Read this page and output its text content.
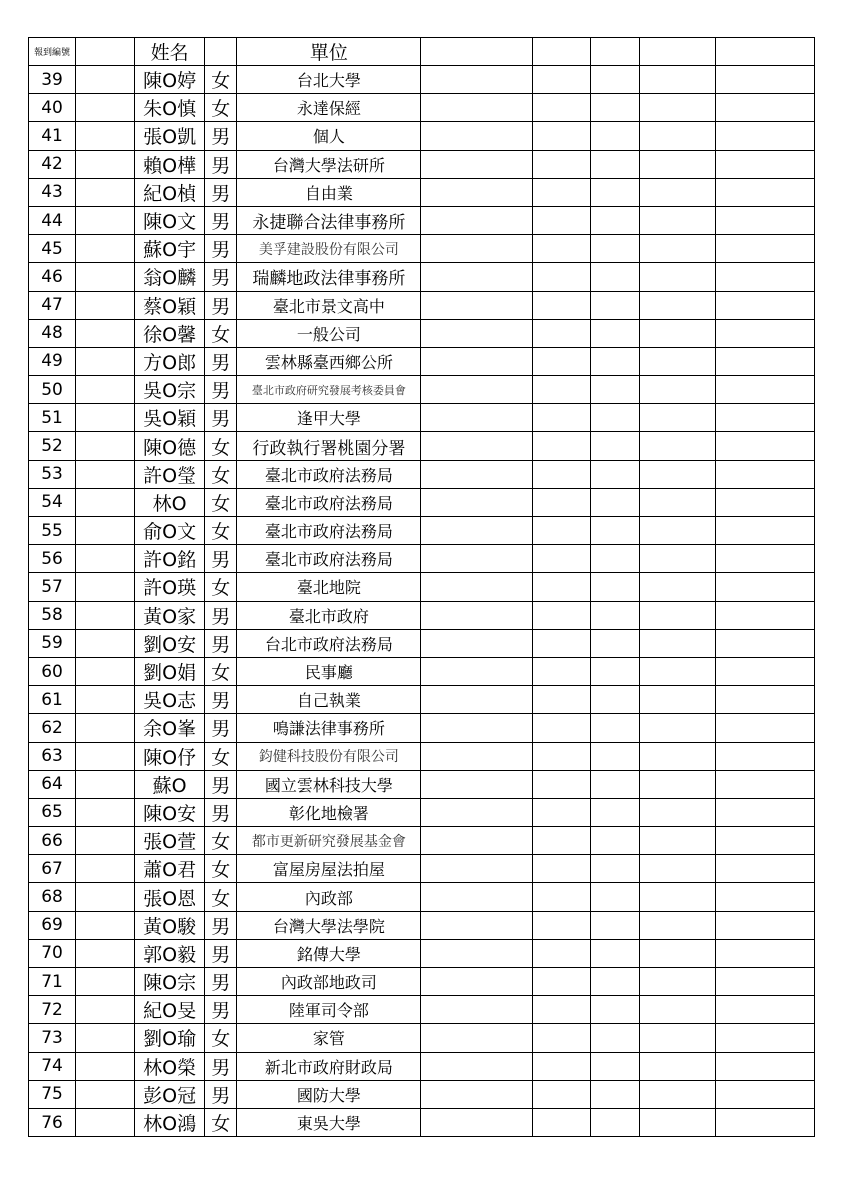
報到編號		姓名		單位					
39		陳O婷	女	台北大學					
40		朱O慎	女	永達保經					
41		張O凱	男	個人					
42		賴O樺	男	台灣大學法研所					
43		紀O楨	男	自由業					
44		陳O文	男	永捷聯合法律事務所					
45		蘇O宇	男	美孚建設股份有限公司					
46		翁O麟	男	瑞麟地政法律事務所					
47		蔡O穎	男	臺北市景文高中					
48		徐O馨	女	一般公司					
49		方O郎	男	雲林縣臺西鄉公所					
50		吳O宗	男	臺北市政府研究發展考核委員會					
51		吳O穎	男	逢甲大學					
52		陳O德	女	行政執行署桃園分署					
53		許O瑩	女	臺北市政府法務局					
54		林O	女	臺北市政府法務局					
55		俞O文	女	臺北市政府法務局					
56		許O銘	男	臺北市政府法務局					
57		許O瑛	女	臺北地院					
58		黃O家	男	臺北市政府					
59		劉O安	男	台北市政府法務局					
60		劉O娟	女	民事廳					
61		吳O志	男	自己執業					
62		余O峯	男	鳴謙法律事務所					
63		陳O伃	女	鈞健科技股份有限公司					
64		蘇O	男	國立雲林科技大學					
65		陳O安	男	彰化地檢署					
66		張O萱	女	都市更新研究發展基金會					
67		蕭O君	女	富屋房屋法拍屋					
68		張O恩	女	內政部					
69		黃O駿	男	台灣大學法學院					
70		郭O毅	男	銘傳大學					
71		陳O宗	男	內政部地政司					
72		紀O旻	男	陸軍司令部					
73		劉O瑜	女	家管					
74		林O榮	男	新北市政府財政局					
75		彭O冠	男	國防大學					
76		林O鴻	女	東吳大學					
